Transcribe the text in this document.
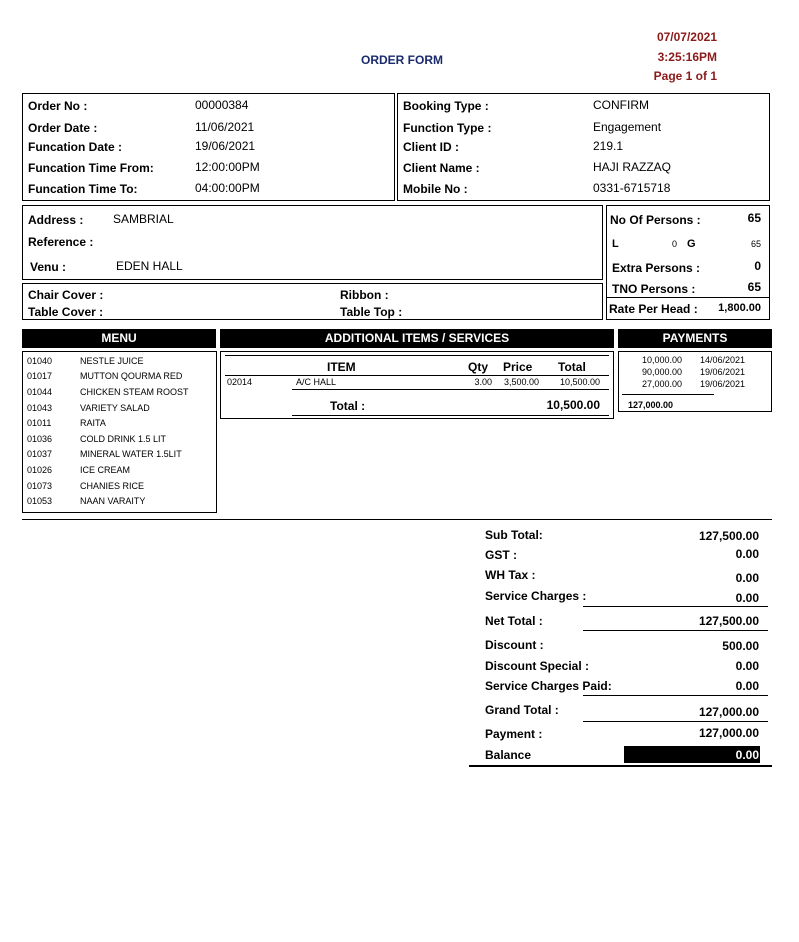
ORDER FORM
07/07/2021
3:25:16PM
Page 1 of 1
Order No :	00000384
Order Date :	11/06/2021
Funcation Date :	19/06/2021
Funcation Time From:	12:00:00PM
Funcation Time To:	04:00:00PM
Booking Type :	CONFIRM
Function Type :	Engagement
Client ID :	219.1
Client Name :	HAJI RAZZAQ
Mobile No :	0331-6715718
Address : SAMBRIAL
Reference :
Venu :	EDEN HALL
No Of Persons :	65
L	0 G	65
Extra Persons :	0
TNO Persons :	65
Rate Per Head :	1,800.00
Chair Cover :
Table Cover :
Ribbon :
Table Top :
MENU	ADDITIONAL ITEMS / SERVICES	PAYMENTS
01040	NESTLE JUICE
01017	MUTTON QOURMA RED
01044	CHICKEN STEAM ROOST
01043	VARIETY SALAD
01011	RAITA
01036	COLD DRINK 1.5 LIT
01037	MINERAL WATER 1.5LIT
01026	ICE CREAM
01073	CHANIES RICE
01053	NAAN VARAITY
ITEM	Qty Price Total
02014	A/C HALL	3.00	3,500.00	10,500.00
Total :	10,500.00
10,000.00 14/06/2021
90,000.00 19/06/2021
27,000.00 19/06/2021
127,000.00
Sub Total:	127,500.00
GST :	0.00
WH Tax :	0.00
Service Charges :	0.00
Net Total :	127,500.00
Discount :	500.00
Discount Special :	0.00
Service Charges Paid:	0.00
Grand Total :	127,000.00
Payment :	127,000.00
Balance	0.00
